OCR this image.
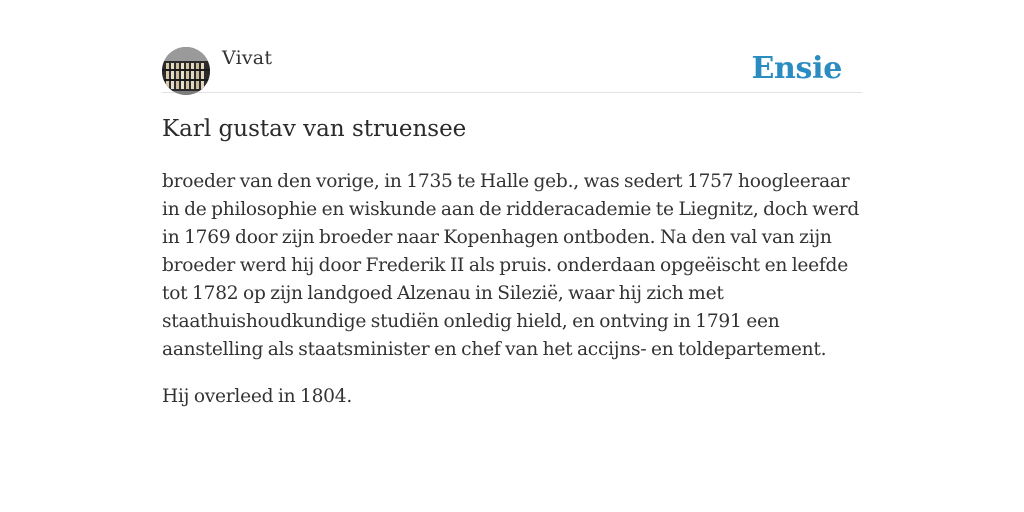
Vivat	Ensie
Karl gustav van struensee

broeder van den vorige, in 1735 te Halle geb., was sedert 1757 hoogleeraar in de philosophie en wiskunde aan de ridderacademie te Liegnitz, doch werd in 1769 door zijn broeder naar Kopenhagen ontboden. Na den val van zijn broeder werd hij door Frederik II als pruis. onderdaan opgeëischt en leefde tot 1782 op zijn landgoed Alzenau in Silezië, waar hij zich met staathuishoudkundige studiën onledig hield, en ontving in 1791 een aanstelling als staatsminister en chef van het accijns- en toldepartement.

Hij overleed in 1804.
